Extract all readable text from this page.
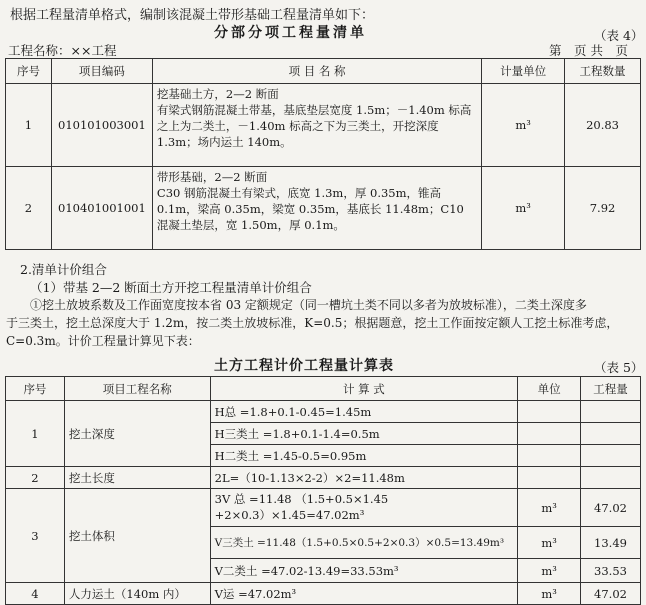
根据工程量清单格式，编制该混凝土带形基础工程量清单如下：
分部分项工程量清单	（表 4）
工程名称：××工程	第　页 共　页
序号	项目编码	项 目 名 称	计量单位	工程数量
1	010101003001	挖基础土方，2—2 断面
有梁式钢筋混凝土带基，基底垫层宽度 1.5m；－1.40m 标高之上为二类土，－1.40m 标高之下为三类土，开挖深度 1.3m；场内运土 140m。	m³	20.83
2	010401001001	带形基础，2—2 断面
C30 钢筋混凝土有梁式，底宽 1.3m，厚 0.35m，锥高 0.1m，梁高 0.35m，梁宽 0.35m，基底长 11.48m；C10 混凝土垫层，宽 1.50m，厚 0.1m。	m³	7.92
2.清单计价组合
（1）带基 2—2 断面土方开挖工程量清单计价组合
①挖土放坡系数及工作面宽度按本省 03 定额规定（同一槽坑土类不同以多者为放坡标准），二类土深度多
于三类土，挖土总深度大于 1.2m，按二类土放坡标准，K=0.5；根据题意，挖土工作面按定额人工挖土标准考虑，
C=0.3m。计价工程量计算见下表：
土方工程计价工程量计算表	（表 5）
序号	项目工程名称	计 算 式	单位	工程量
1	挖土深度	H总 =1.8+0.1-0.45=1.45m		
		H三类土 =1.8+0.1-1.4=0.5m		
		H二类土 =1.45-0.5=0.95m		
2	挖土长度	2L=（10-1.13×2-2）×2=11.48m		
3	挖土体积	3V 总 =11.48 （1.5+0.5×1.45
+2×0.3）×1.45=47.02m³	m³	47.02
		V三类土 =11.48（1.5+0.5×0.5+2×0.3）×0.5=13.49m³	m³	13.49
		V二类土 =47.02-13.49=33.53m³	m³	33.53
4	人力运土（140m 内）	V运 =47.02m³	m³	47.02
